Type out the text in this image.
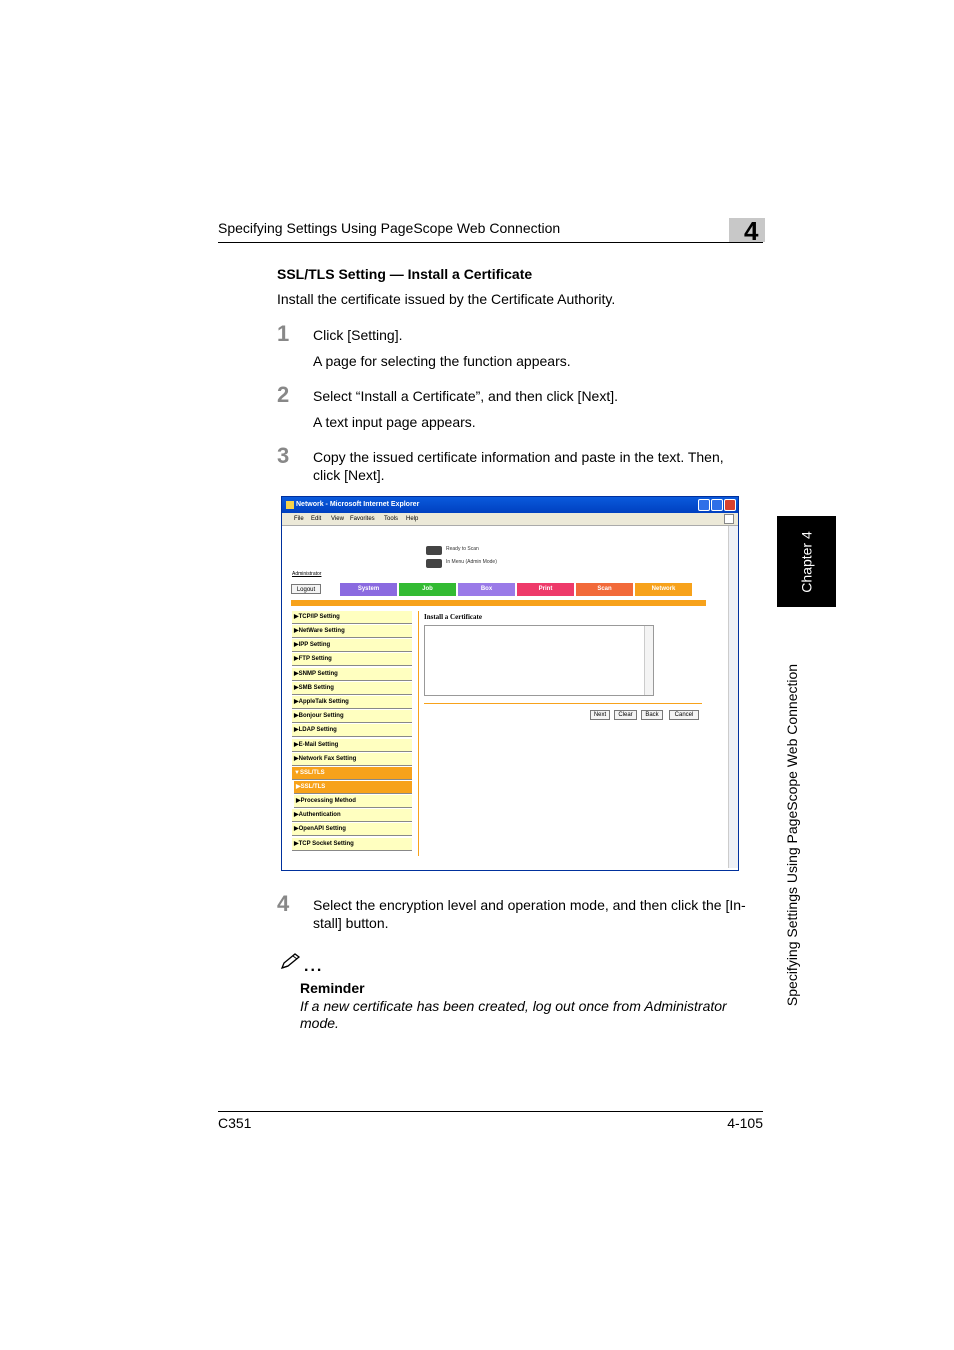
Specifying Settings Using PageScope Web Connection	4
Chapter 4
Specifying Settings Using PageScope Web Connection
SSL/TLS Setting — Install a Certificate
Install the certificate issued by the Certificate Authority.
1 Click [Setting].
A page for selecting the function appears.
2 Select “Install a Certificate”, and then click [Next].
A text input page appears.
3 Copy the issued certificate information and paste in the text. Then,
click [Next].
Network - Microsoft Internet Explorer
File Edit View Favorites Tools Help
Ready to Scan
In Menu (Admin Mode)
Administrator
Logout	System	Job	Box	Print	Scan	Network
▶TCP/IP Setting
▶NetWare Setting
▶IPP Setting
▶FTP Setting
▶SNMP Setting
▶SMB Setting
▶AppleTalk Setting
▶Bonjour Setting
▶LDAP Setting
▶E-Mail Setting
▶Network Fax Setting
▼SSL/TLS
▶SSL/TLS
▶Processing Method
▶Authentication
▶OpenAPI Setting
▶TCP Socket Setting
Install a Certificate
Next	Clear	Back	Cancel
4 Select the encryption level and operation mode, and then click the [In-
stall] button.
...
Reminder
If a new certificate has been created, log out once from Administrator
mode.
C351	4-105
